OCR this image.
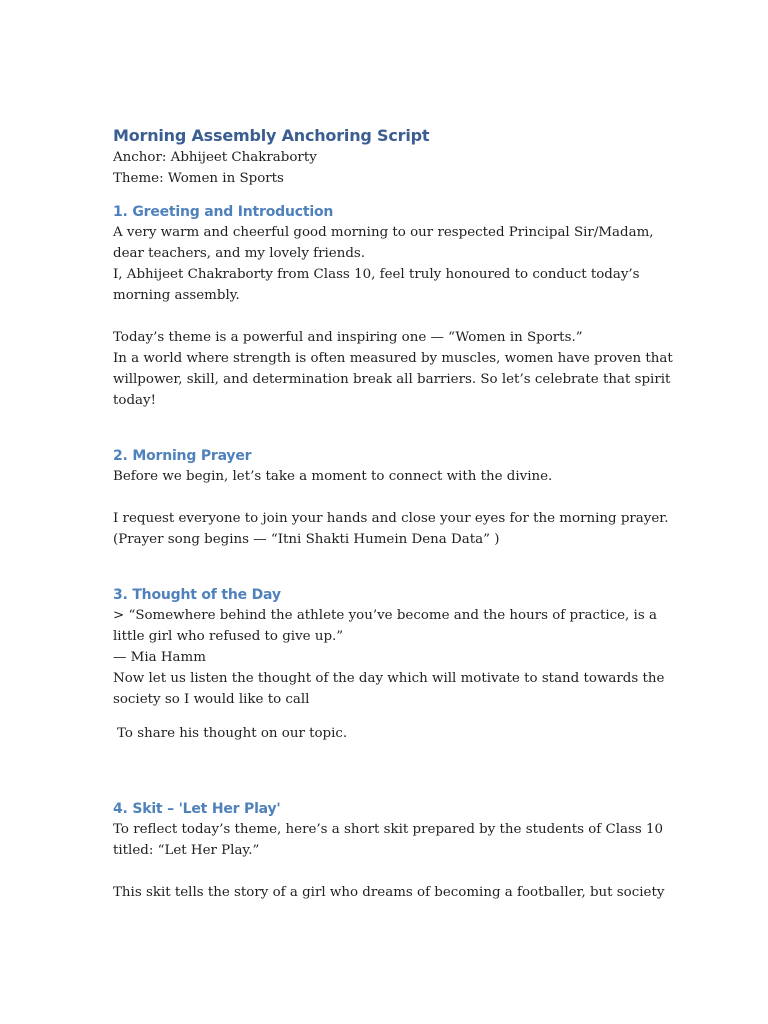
Morning Assembly Anchoring Script

Anchor: Abhijeet Chakraborty

Theme: Women in Sports

1. Greeting and Introduction

A very warm and cheerful good morning to our respected Principal Sir/Madam, dear teachers, and my lovely friends.

I, Abhijeet Chakraborty from Class 10, feel truly honoured to conduct today’s morning assembly.

Today’s theme is a powerful and inspiring one — “Women in Sports.”

In a world where strength is often measured by muscles, women have proven that willpower, skill, and determination break all barriers. So let’s celebrate that spirit today!

2. Morning Prayer

Before we begin, let’s take a moment to connect with the divine.

I request everyone to join your hands and close your eyes for the morning prayer.

(Prayer song begins — “Itni Shakti Humein Dena Data” )

3. Thought of the Day

> “Somewhere behind the athlete you’ve become and the hours of practice, is a little girl who refused to give up.”

— Mia Hamm

Now let us listen the thought of the day which will motivate to stand towards the society so I would like to call

To share his thought on our topic.

4. Skit – 'Let Her Play'

To reflect today’s theme, here’s a short skit prepared by the students of Class 10 titled: “Let Her Play.”

This skit tells the story of a girl who dreams of becoming a footballer, but society
